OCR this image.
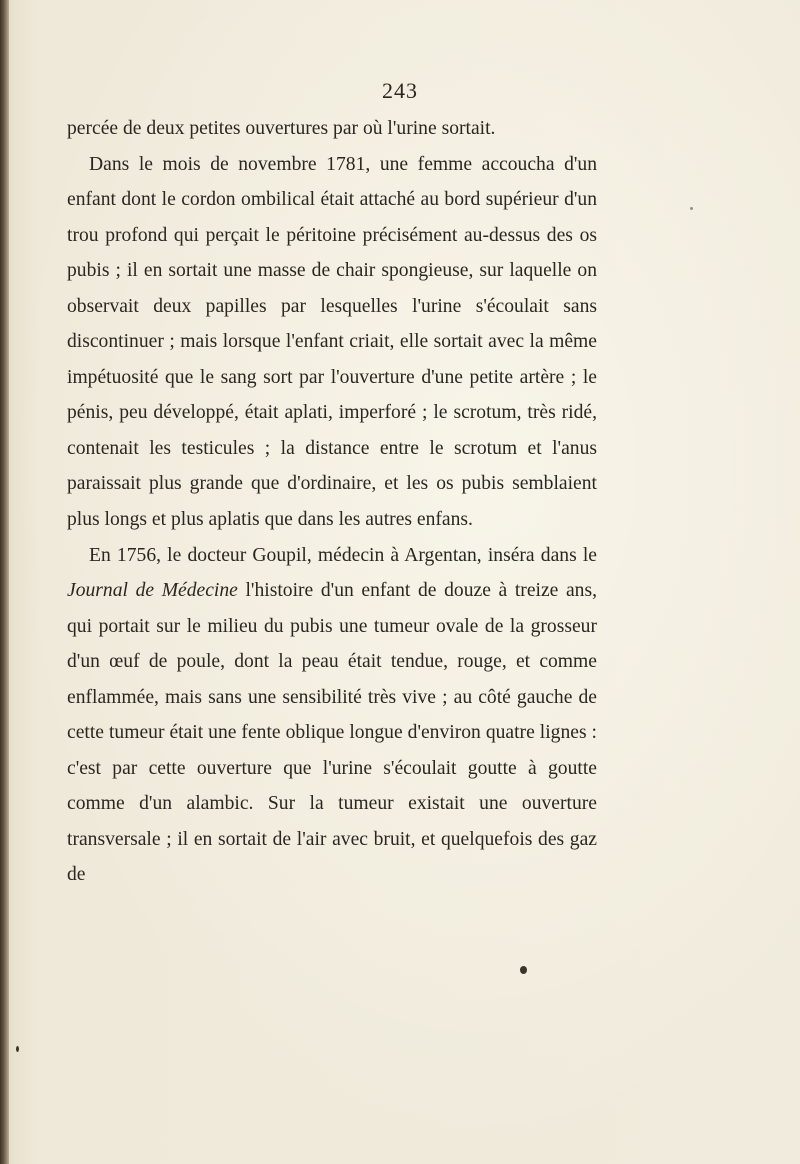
243

percée de deux petites ouvertures par où l'urine sortait.

Dans le mois de novembre 1781, une femme accoucha d'un enfant dont le cordon ombilical était attaché au bord supérieur d'un trou profond qui perçait le péritoine précisément au-dessus des os pubis ; il en sortait une masse de chair spongieuse, sur laquelle on observait deux papilles par lesquelles l'urine s'écoulait sans discontinuer ; mais lorsque l'enfant criait, elle sortait avec la même impétuosité que le sang sort par l'ouverture d'une petite artère ; le pénis, peu développé, était aplati, imperforé ; le scrotum, très ridé, contenait les testicules ; la distance entre le scrotum et l'anus paraissait plus grande que d'ordinaire, et les os pubis semblaient plus longs et plus aplatis que dans les autres enfans.

En 1756, le docteur Goupil, médecin à Argentan, inséra dans le Journal de Médecine l'histoire d'un enfant de douze à treize ans, qui portait sur le milieu du pubis une tumeur ovale de la grosseur d'un œuf de poule, dont la peau était tendue, rouge, et comme enflammée, mais sans une sensibilité très vive ; au côté gauche de cette tumeur était une fente oblique longue d'environ quatre lignes : c'est par cette ouverture que l'urine s'écoulait goutte à goutte comme d'un alambic. Sur la tumeur existait une ouverture transversale ; il en sortait de l'air avec bruit, et quelquefois des gaz de
